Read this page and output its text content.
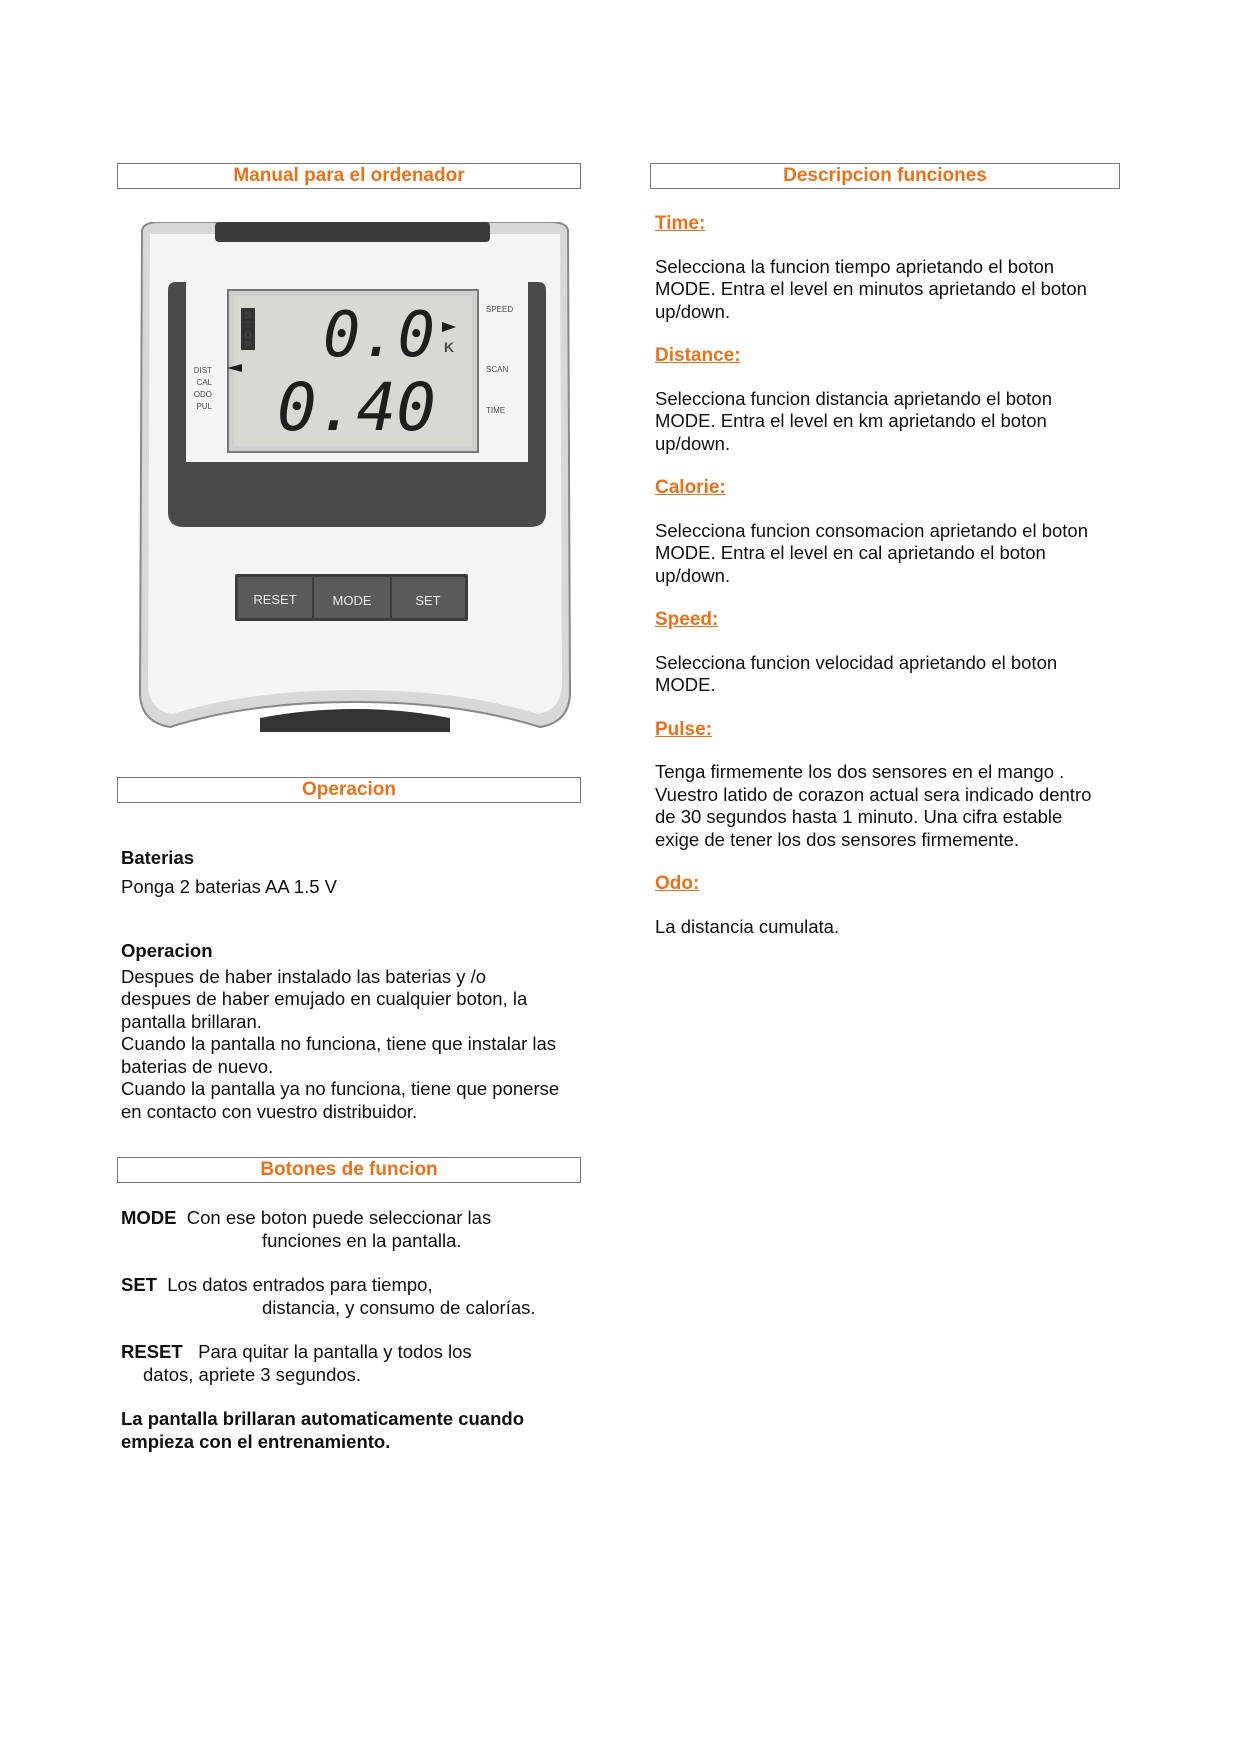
Manual para el ordenador
S
T
O
P 0.0 K
0.40
DIST
CAL
ODO
PUL
SPEED
SCAN
TIME
RESET	MODE	SET
Operacion

Baterias

Ponga 2 baterias AA 1.5 V

Operacion

Despues de haber instalado las baterias y /o

despues de haber emujado en cualquier boton, la

pantalla brillaran.

Cuando la pantalla no funciona, tiene que instalar las

baterias de nuevo.

Cuando la pantalla ya no funciona, tiene que ponerse

en contacto con vuestro distribuidor.

Botones de funcion

MODE Con ese boton puede seleccionar las

funciones en la pantalla.

SET Los datos entrados para tiempo,

distancia, y consumo de calorías.

RESET Para quitar la pantalla y todos los

datos, apriete 3 segundos.

La pantalla brillaran automaticamente cuando

empieza con el entrenamiento.

Descripcion funciones

Time:

Selecciona la funcion tiempo aprietando el boton

MODE. Entra el level en minutos aprietando el boton

up/down.

Distance:

Selecciona funcion distancia aprietando el boton

MODE. Entra el level en km aprietando el boton

up/down.

Calorie:

Selecciona funcion consomacion aprietando el boton

MODE. Entra el level en cal aprietando el boton

up/down.

Speed:

Selecciona funcion velocidad aprietando el boton

MODE.

Pulse:

Tenga firmemente los dos sensores en el mango .

Vuestro latido de corazon actual sera indicado dentro

de 30 segundos hasta 1 minuto. Una cifra estable

exige de tener los dos sensores firmemente.

Odo:

La distancia cumulata.
